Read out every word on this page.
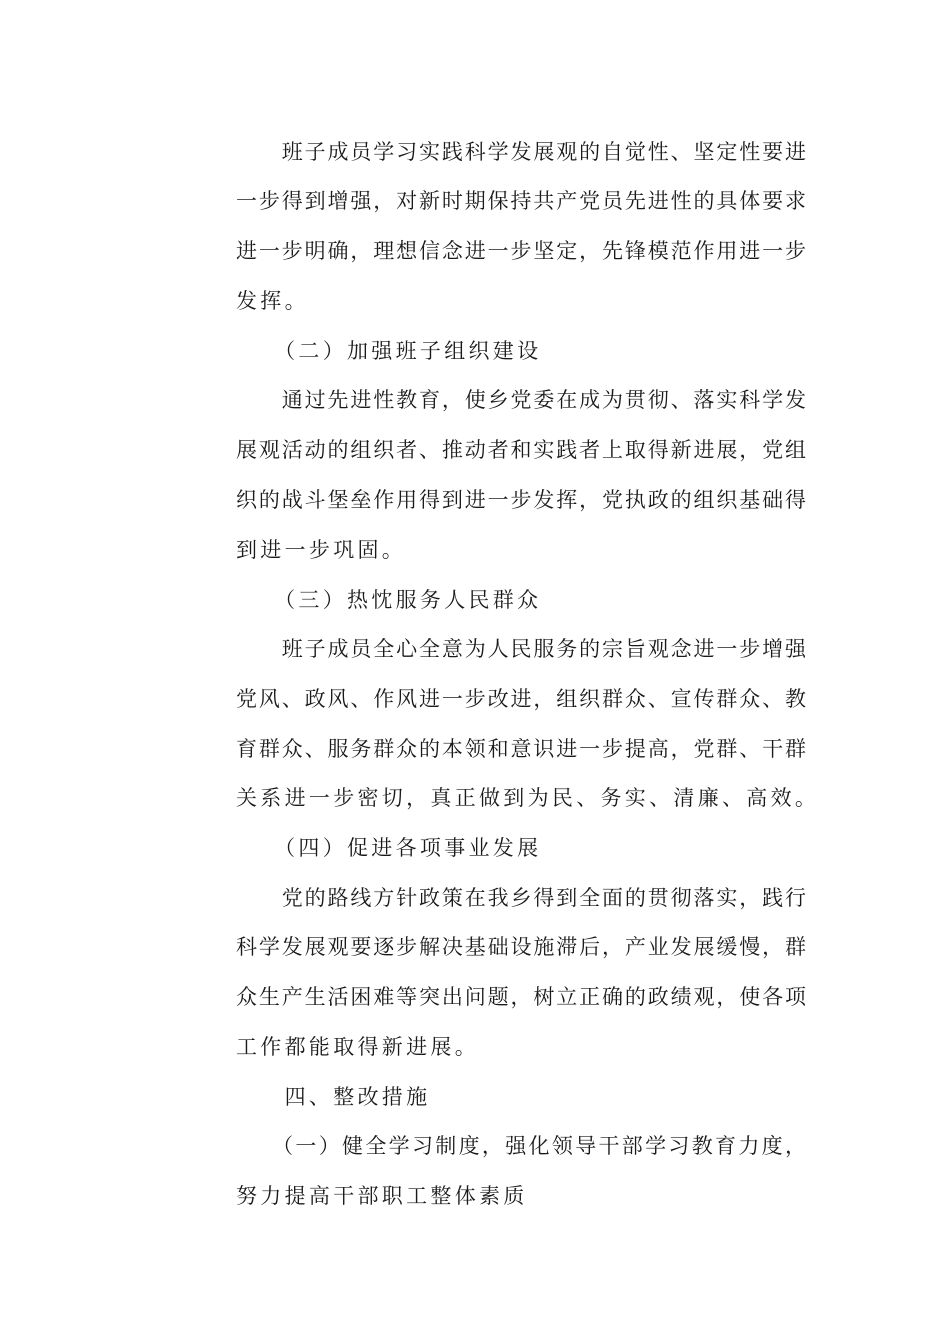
　　班子成员学习实践科学发展观的自觉性、坚定性要进
一步得到增强，对新时期保持共产党员先进性的具体要求
进一步明确，理想信念进一步坚定，先锋模范作用进一步
发挥。
　　（二）加强班子组织建设
　　通过先进性教育，使乡党委在成为贯彻、落实科学发
展观活动的组织者、推动者和实践者上取得新进展，党组
织的战斗堡垒作用得到进一步发挥，党执政的组织基础得
到进一步巩固。
　　（三）热忱服务人民群众
　　班子成员全心全意为人民服务的宗旨观念进一步增强
党风、政风、作风进一步改进，组织群众、宣传群众、教
育群众、服务群众的本领和意识进一步提高，党群、干群
关系进一步密切，真正做到为民、务实、清廉、高效。
　　（四）促进各项事业发展
　　党的路线方针政策在我乡得到全面的贯彻落实，践行
科学发展观要逐步解决基础设施滞后，产业发展缓慢，群
众生产生活困难等突出问题，树立正确的政绩观，使各项
工作都能取得新进展。
　　四、整改措施
　　（一）健全学习制度，强化领导干部学习教育力度，
努力提高干部职工整体素质
